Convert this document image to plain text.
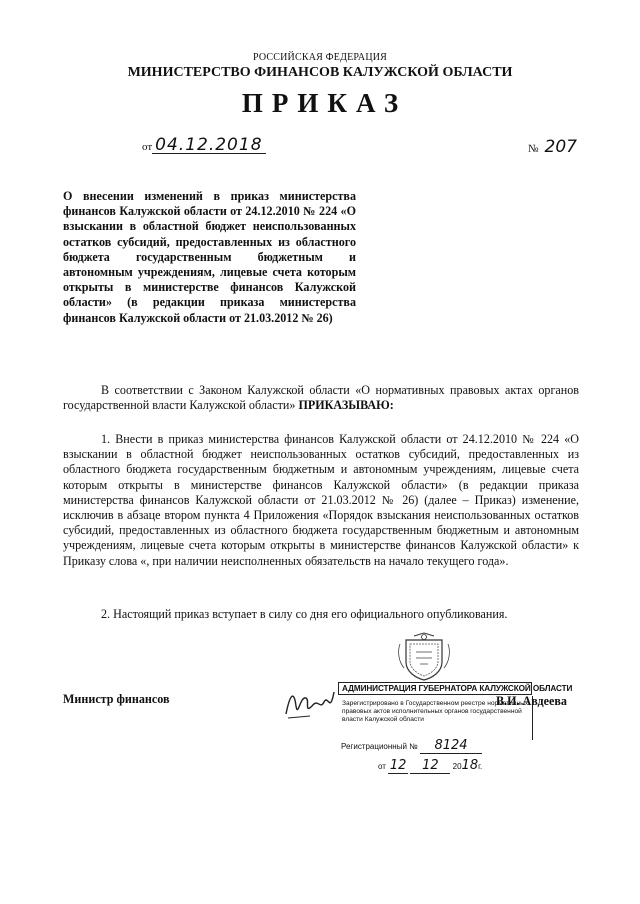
РОССИЙСКАЯ ФЕДЕРАЦИЯ
МИНИСТЕРСТВО ФИНАНСОВ КАЛУЖСКОЙ ОБЛАСТИ
ПРИКАЗ
от 04.12.2018	№ 207
О внесении изменений в приказ министерства финансов Калужской области от 24.12.2010 № 224 «О взыскании в областной бюджет неиспользованных остатков субсидий, предоставленных из областного бюджета государственным бюджетным и автономным учреждениям, лицевые счета которым открыты в министерстве финансов Калужской области» (в редакции приказа министерства финансов Калужской области от 21.03.2012 № 26)
В соответствии с Законом Калужской области «О нормативных правовых актах органов государственной власти Калужской области» ПРИКАЗЫВАЮ:
1. Внести в приказ министерства финансов Калужской области от 24.12.2010 № 224 «О взыскании в областной бюджет неиспользованных остатков субсидий, предоставленных из областного бюджета государственным бюджетным и автономным учреждениям, лицевые счета которым открыты в министерстве финансов Калужской области» (в редакции приказа министерства финансов Калужской области от 21.03.2012 № 26) (далее – Приказ) изменение, исключив в абзаце втором пункта 4 Приложения «Порядок взыскания неиспользованных остатков субсидий, предоставленных из областного бюджета государственным бюджетным и автономным учреждениям, лицевые счета которым открыты в министерстве финансов Калужской области» к Приказу слова «, при наличии неисполненных обязательств на начало текущего года».
2. Настоящий приказ вступает в силу со дня его официального опубликования.
Министр финансов
АДМИНИСТРАЦИЯ ГУБЕРНАТОРА КАЛУЖСКОЙ ОБЛАСТИ
Зарегистрировано в Государственном реестре нормативных правовых актов исполнительных органов государственной власти Калужской области
Регистрационный № 8124
от 12 12 2018г.
В.И. Авдеева
